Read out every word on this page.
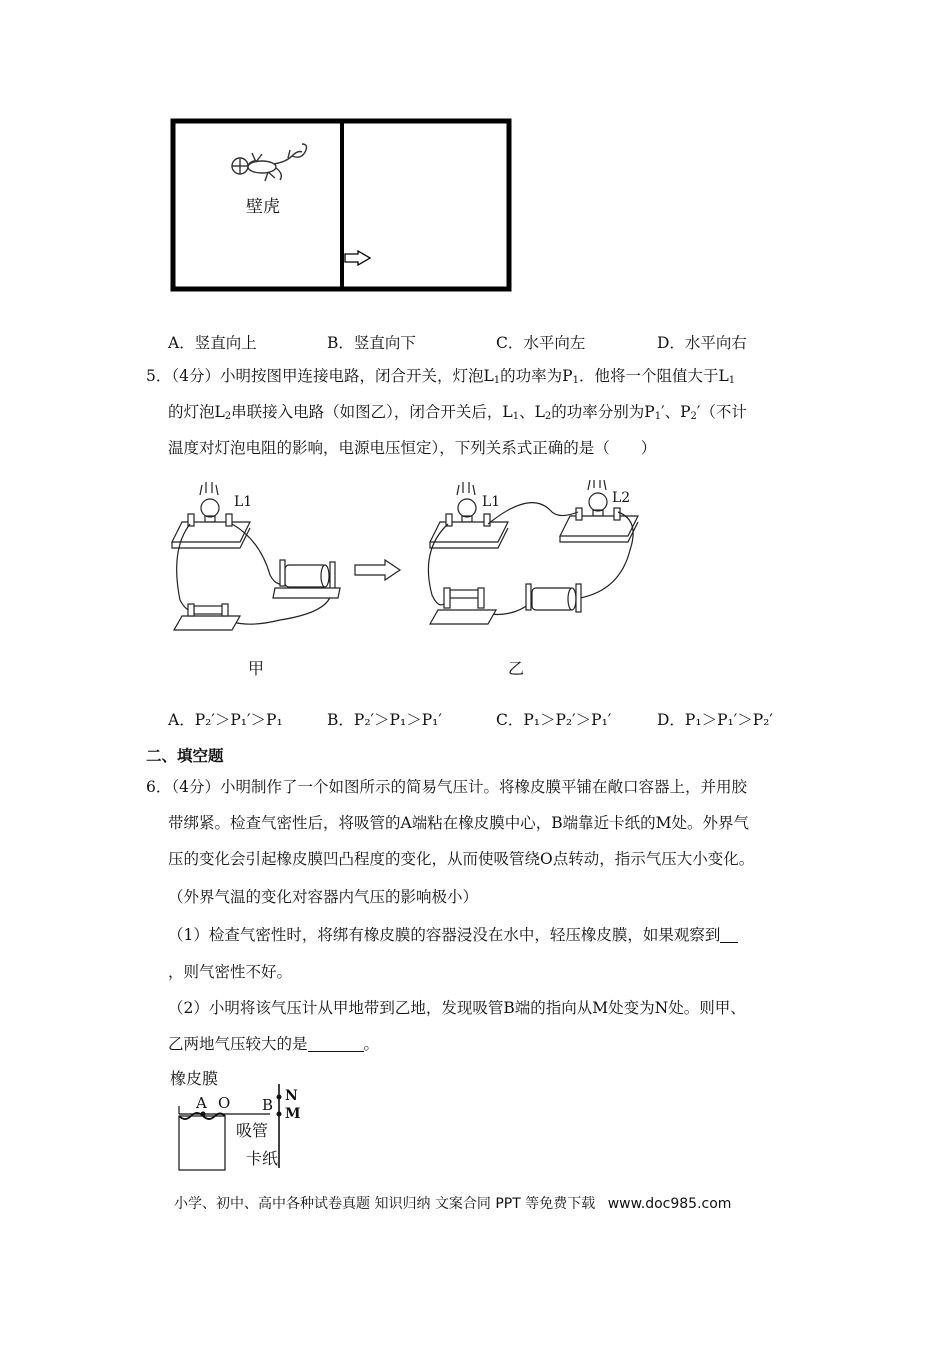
壁虎
A．竖直向上	B．竖直向下	C．水平向左	D．水平向右
5．（4分）小明按图甲连接电路，闭合开关，灯泡$L_1$的功率为$P_1$．他将一个阻值大于$L_1$
的灯泡$L_2$串联接入电路（如图乙），闭合开关后，$L_1$、$L_2$的功率分别为$P_1'$、$P_2'$（不计
温度对灯泡电阻的影响，电源电压恒定），下列关系式正确的是（　　）
L1	L1	L2
甲	乙
A．P₂′＞P₁′＞P₁	B．P₂′＞P₁＞P₁′	C．P₁＞P₂′＞P₁′	D．P₁＞P₁′＞P₂′
二、填空题
6．（4分）小明制作了一个如图所示的简易气压计。将橡皮膜平铺在敞口容器上，并用胶
带绑紧。检查气密性后，将吸管的A端粘在橡皮膜中心，B端靠近卡纸的M处。外界气
压的变化会引起橡皮膜凹凸程度的变化，从而使吸管绕O点转动，指示气压大小变化。
（外界气温的变化对容器内气压的影响极小）
（1）检查气密性时，将绑有橡皮膜的容器浸没在水中，轻压橡皮膜，如果观察到
，则气密性不好。
（2）小明将该气压计从甲地带到乙地，发现吸管B端的指向从M处变为N处。则甲、
乙两地气压较大的是	。
橡皮膜
A O B N
M
吸管
卡纸
小学、初中、高中各种试卷真题 知识归纳 文案合同 PPT 等免费下载 www.doc985.com
